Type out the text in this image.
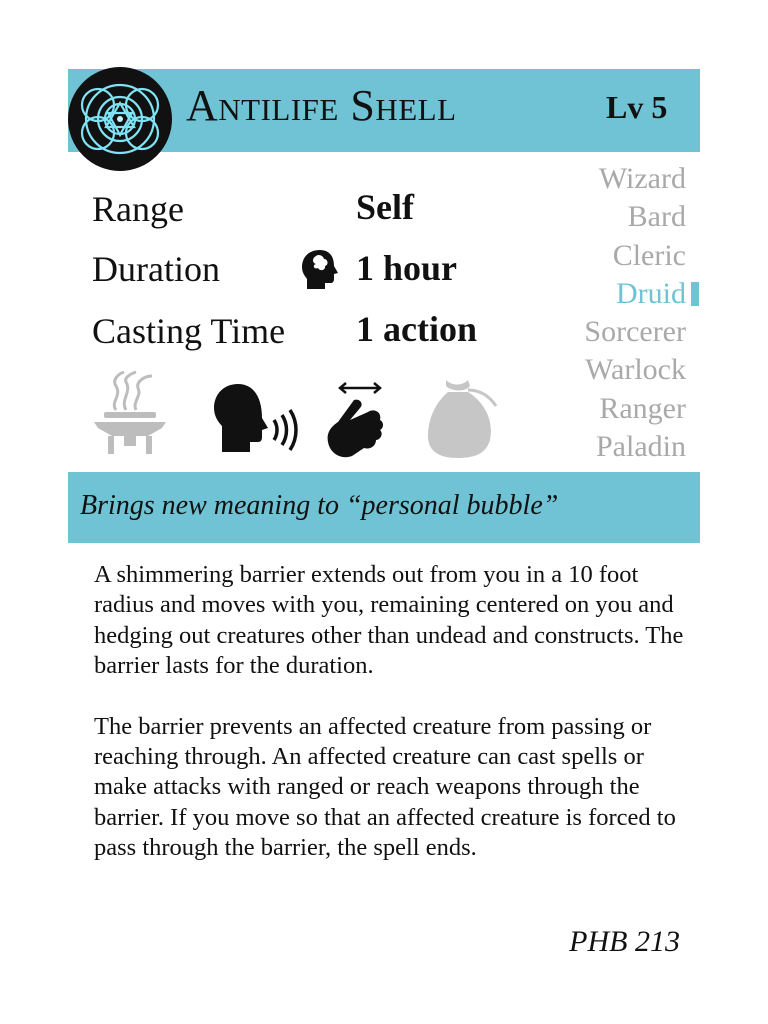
Antilife Shell	Lv 5
Range	Self
Duration	1 hour
Casting Time 1 action
Wizard
Bard
Cleric
Druid
Sorcerer
Warlock
Ranger
Paladin
Brings new meaning to “personal bubble”

A shimmering barrier extends out from you in a 10 foot radius and moves with you, remaining centered on you and hedging out creatures other than undead and constructs. The barrier lasts for the duration.

The barrier prevents an affected creature from passing or reaching through. An affected creature can cast spells or make attacks with ranged or reach weapons through the barrier. If you move so that an affected creature is forced to pass through the barrier, the spell ends.

PHB 213
